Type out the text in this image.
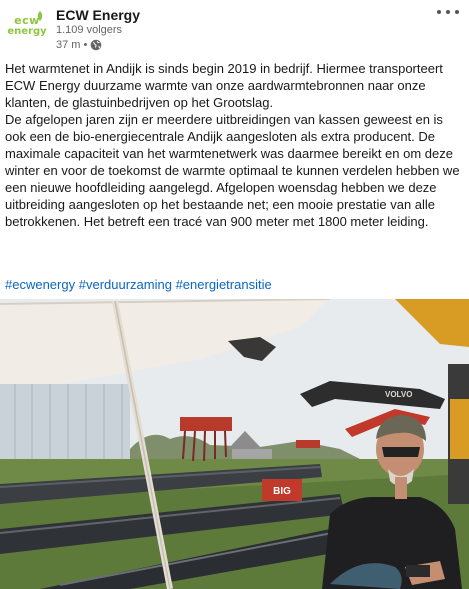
ecw
energy
ECW Energy
1.109 volgers
37 m •

Het warmtenet in Andijk is sinds begin 2019 in bedrijf. Hiermee transporteert ECW Energy duurzame warmte van onze aardwarmtebronnen naar onze klanten, de glastuinbedrijven op het Grootslag.

De afgelopen jaren zijn er meerdere uitbreidingen van kassen geweest en is ook een de bio-energiecentrale Andijk aangesloten als extra producent. De maximale capaciteit van het warmtenetwerk was daarmee bereikt en om deze winter en voor de toekomst de warmte optimaal te kunnen verdelen hebben we een nieuwe hoofdleiding aangelegd. Afgelopen woensdag hebben we deze uitbreiding aangesloten op het bestaande net; een mooie prestatie van alle betrokkenen. Het betreft een tracé van 900 meter met 1800 meter leiding.

#ecwenergy #verduurzaming #energietransitie
BIG
VOLVO
